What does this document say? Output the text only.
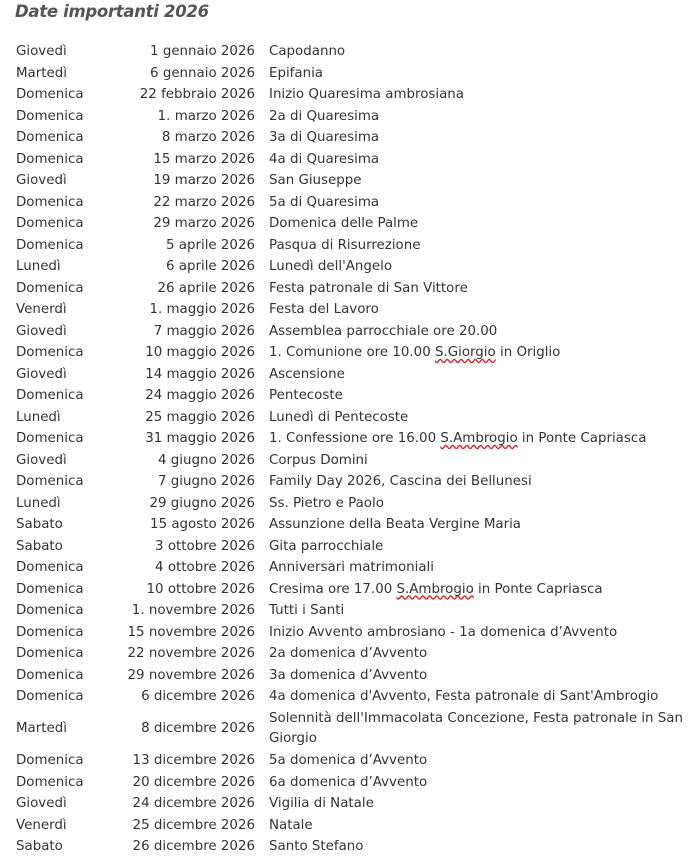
Date importanti 2026
Giovedì	1 gennaio 2026	Capodanno
Martedì	6 gennaio 2026	Epifania
Domenica	22 febbraio 2026	Inizio Quaresima ambrosiana
Domenica	1. marzo 2026	2a di Quaresima
Domenica	8 marzo 2026	3a di Quaresima
Domenica	15 marzo 2026	4a di Quaresima
Giovedì	19 marzo 2026	San Giuseppe
Domenica	22 marzo 2026	5a di Quaresima
Domenica	29 marzo 2026	Domenica delle Palme
Domenica	5 aprile 2026	Pasqua di Risurrezione
Lunedì	6 aprile 2026	Lunedì dell'Angelo
Domenica	26 aprile 2026	Festa patronale di San Vittore
Venerdì	1. maggio 2026	Festa del Lavoro
Giovedì	7 maggio 2026	Assemblea parrocchiale ore 20.00
Domenica	10 maggio 2026	1. Comunione ore 10.00 S.Giorgio in Origlio
Giovedì	14 maggio 2026	Ascensione
Domenica	24 maggio 2026	Pentecoste
Lunedì	25 maggio 2026	Lunedì di Pentecoste
Domenica	31 maggio 2026	1. Confessione ore 16.00 S.Ambrogio in Ponte Capriasca
Giovedì	4 giugno 2026	Corpus Domini
Domenica	7 giugno 2026	Family Day 2026, Cascina dei Bellunesi
Lunedì	29 giugno 2026	Ss. Pietro e Paolo
Sabato	15 agosto 2026	Assunzione della Beata Vergine Maria
Sabato	3 ottobre 2026	Gita parrocchiale
Domenica	4 ottobre 2026	Anniversari matrimoniali
Domenica	10 ottobre 2026	Cresima ore 17.00 S.Ambrogio in Ponte Capriasca
Domenica	1. novembre 2026	Tutti i Santi
Domenica	15 novembre 2026	Inizio Avvento ambrosiano - 1a domenica d’Avvento
Domenica	22 novembre 2026	2a domenica d’Avvento
Domenica	29 novembre 2026	3a domenica d’Avvento
Domenica	6 dicembre 2026	4a domenica d'Avvento, Festa patronale di Sant'Ambrogio
Martedì	8 dicembre 2026	Solennità dell'Immacolata Concezione, Festa patronale in San Giorgio
Domenica	13 dicembre 2026	5a domenica d’Avvento
Domenica	20 dicembre 2026	6a domenica d’Avvento
Giovedì	24 dicembre 2026	Vigilia di Natale
Venerdì	25 dicembre 2026	Natale
Sabato	26 dicembre 2026	Santo Stefano
